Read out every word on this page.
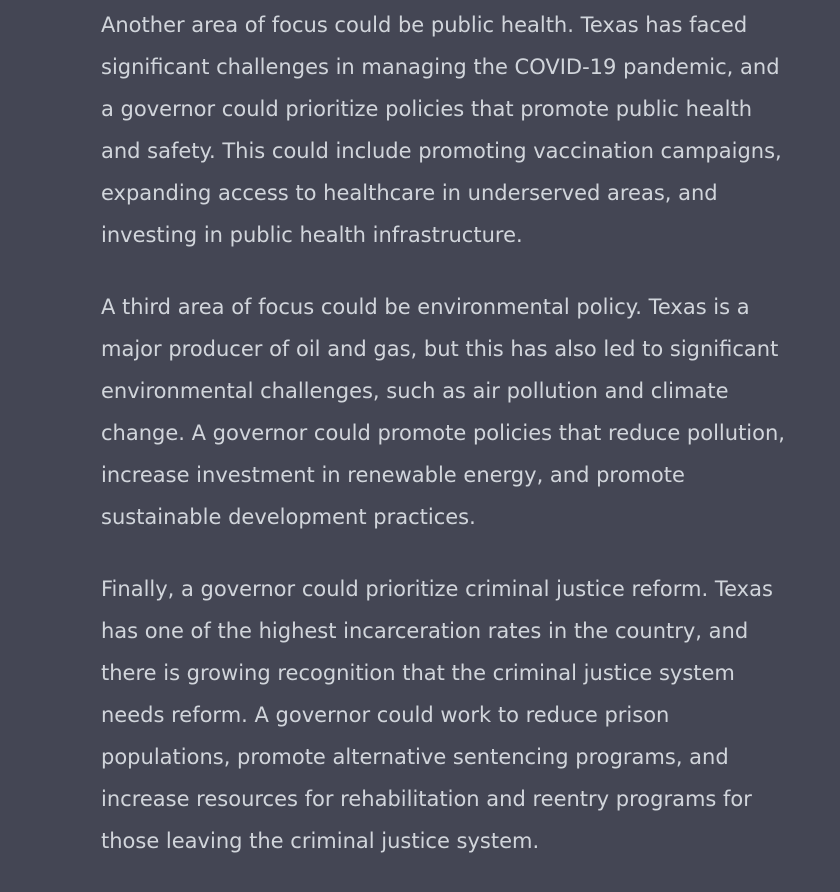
Another area of focus could be public health. Texas has faced
significant challenges in managing the COVID-19 pandemic, and
a governor could prioritize policies that promote public health
and safety. This could include promoting vaccination campaigns,
expanding access to healthcare in underserved areas, and
investing in public health infrastructure.

A third area of focus could be environmental policy. Texas is a
major producer of oil and gas, but this has also led to significant
environmental challenges, such as air pollution and climate
change. A governor could promote policies that reduce pollution,
increase investment in renewable energy, and promote
sustainable development practices.

Finally, a governor could prioritize criminal justice reform. Texas
has one of the highest incarceration rates in the country, and
there is growing recognition that the criminal justice system
needs reform. A governor could work to reduce prison
populations, promote alternative sentencing programs, and
increase resources for rehabilitation and reentry programs for
those leaving the criminal justice system.
